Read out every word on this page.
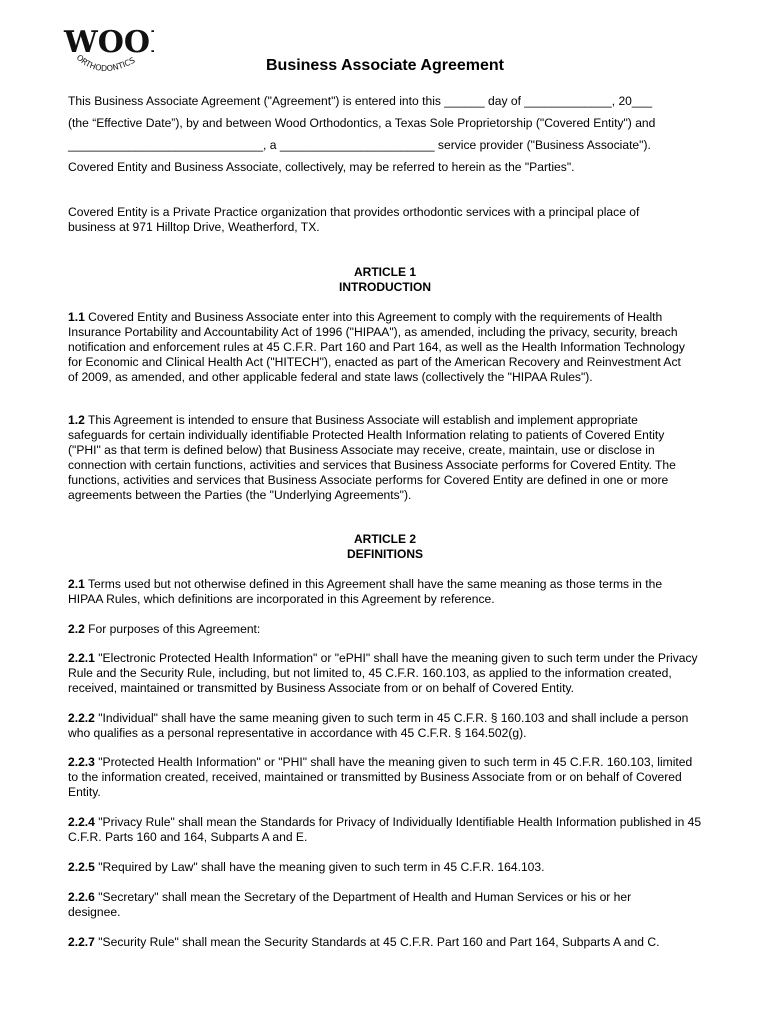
WOO
ORTHODONTICS	Business Associate Agreement
This Business Associate Agreement ("Agreement") is entered into this ______ day of _____________, 20___
(the “Effective Date”), by and between Wood Orthodontics, a Texas Sole Proprietorship ("Covered Entity") and
_____________________________, a _______________________ service provider ("Business Associate").
Covered Entity and Business Associate, collectively, may be referred to herein as the "Parties".
Covered Entity is a Private Practice organization that provides orthodontic services with a principal place of business at 971 Hilltop Drive, Weatherford, TX.
ARTICLE 1
INTRODUCTION
1.1 Covered Entity and Business Associate enter into this Agreement to comply with the requirements of Health Insurance Portability and Accountability Act of 1996 ("HIPAA"), as amended, including the privacy, security, breach notification and enforcement rules at 45 C.F.R. Part 160 and Part 164, as well as the Health Information Technology for Economic and Clinical Health Act ("HITECH"), enacted as part of the American Recovery and Reinvestment Act of 2009, as amended, and other applicable federal and state laws (collectively the "HIPAA Rules").
1.2 This Agreement is intended to ensure that Business Associate will establish and implement appropriate safeguards for certain individually identifiable Protected Health Information relating to patients of Covered Entity ("PHI" as that term is defined below) that Business Associate may receive, create, maintain, use or disclose in connection with certain functions, activities and services that Business Associate performs for Covered Entity. The functions, activities and services that Business Associate performs for Covered Entity are defined in one or more agreements between the Parties (the "Underlying Agreements").
ARTICLE 2
DEFINITIONS
2.1 Terms used but not otherwise defined in this Agreement shall have the same meaning as those terms in the HIPAA Rules, which definitions are incorporated in this Agreement by reference.
2.2 For purposes of this Agreement:
2.2.1 "Electronic Protected Health Information" or "ePHI" shall have the meaning given to such term under the Privacy Rule and the Security Rule, including, but not limited to, 45 C.F.R. 160.103, as applied to the information created, received, maintained or transmitted by Business Associate from or on behalf of Covered Entity.
2.2.2 "Individual" shall have the same meaning given to such term in 45 C.F.R. § 160.103 and shall include a person who qualifies as a personal representative in accordance with 45 C.F.R. § 164.502(g).
2.2.3 "Protected Health Information" or "PHI" shall have the meaning given to such term in 45 C.F.R. 160.103, limited to the information created, received, maintained or transmitted by Business Associate from or on behalf of Covered Entity.
2.2.4 "Privacy Rule" shall mean the Standards for Privacy of Individually Identifiable Health Information published in 45 C.F.R. Parts 160 and 164, Subparts A and E.
2.2.5 "Required by Law" shall have the meaning given to such term in 45 C.F.R. 164.103.
2.2.6 "Secretary" shall mean the Secretary of the Department of Health and Human Services or his or her designee.
2.2.7 "Security Rule" shall mean the Security Standards at 45 C.F.R. Part 160 and Part 164, Subparts A and C.
